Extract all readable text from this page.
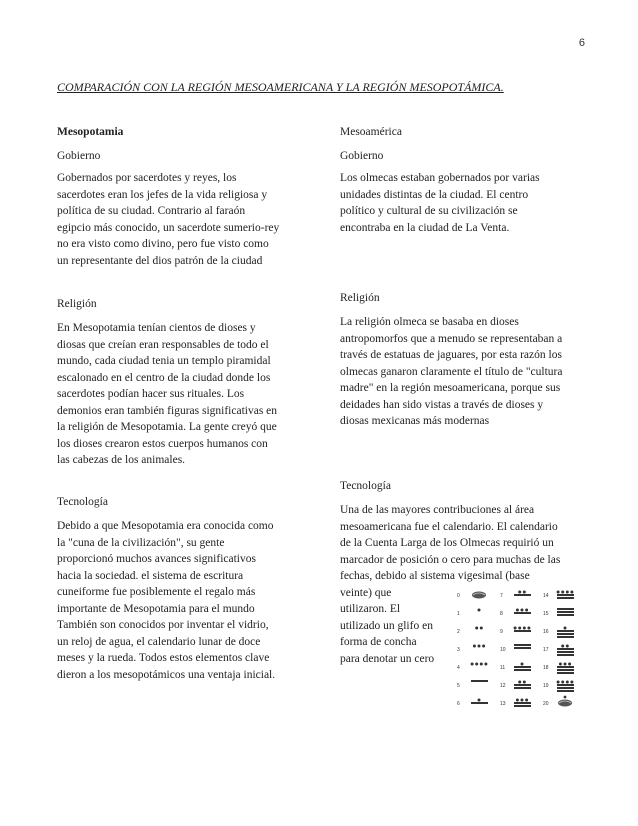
6
COMPARACIÓN CON LA REGIÓN MESOAMERICANA Y LA REGIÓN MESOPOTÁMICA.

Mesopotamia

Gobierno

Gobernados por sacerdotes y reyes, los
sacerdotes eran los jefes de la vida religiosa y
política de su ciudad. Contrario al faraón
egipcio más conocido, un sacerdote sumerio-rey
no era visto como divino, pero fue visto como
un representante del dios patrón de la ciudad

Religión

En Mesopotamia tenían cientos de dioses y
diosas que creían eran responsables de todo el
mundo, cada ciudad tenia un templo piramidal
escalonado en el centro de la ciudad donde los
sacerdotes podían hacer sus rituales. Los
demonios eran también figuras significativas en
la religión de Mesopotamia. La gente creyó que
los dioses crearon estos cuerpos humanos con
las cabezas de los animales.

Tecnología

Debido a que Mesopotamia era conocida como
la "cuna de la civilización", su gente
proporcionó muchos avances significativos
hacia la sociedad. el sistema de escritura
cuneiforme fue posiblemente el regalo más
importante de Mesopotamia para el mundo
También son conocidos por inventar el vidrio,
un reloj de agua, el calendario lunar de doce
meses y la rueda. Todos estos elementos clave
dieron a los mesopotámicos una ventaja inicial.

Mesoamérica

Gobierno

Los olmecas estaban gobernados por varias
unidades distintas de la ciudad. El centro
político y cultural de su civilización se
encontraba en la ciudad de La Venta.

Religión

La religión olmeca se basaba en dioses
antropomorfos que a menudo se representaban a
través de estatuas de jaguares, por esta razón los
olmecas ganaron claramente el título de "cultura
madre" en la región mesoamericana, porque sus
deidades han sido vistas a través de dioses y
diosas mexicanas más modernas

Tecnología

Una de las mayores contribuciones al área
mesoamericana fue el calendario. El calendario
de la Cuenta Larga de los Olmecas requirió un
marcador de posición o cero para muchas de las
fechas, debido al sistema vigesimal (base
veinte) que
utilizaron. El
utilizado un glifo en
forma de concha
para denotar un cero

0	7	14
1	8	15
2	9	16
3	10	17
4	11	18
5	12	19
6	13	20
